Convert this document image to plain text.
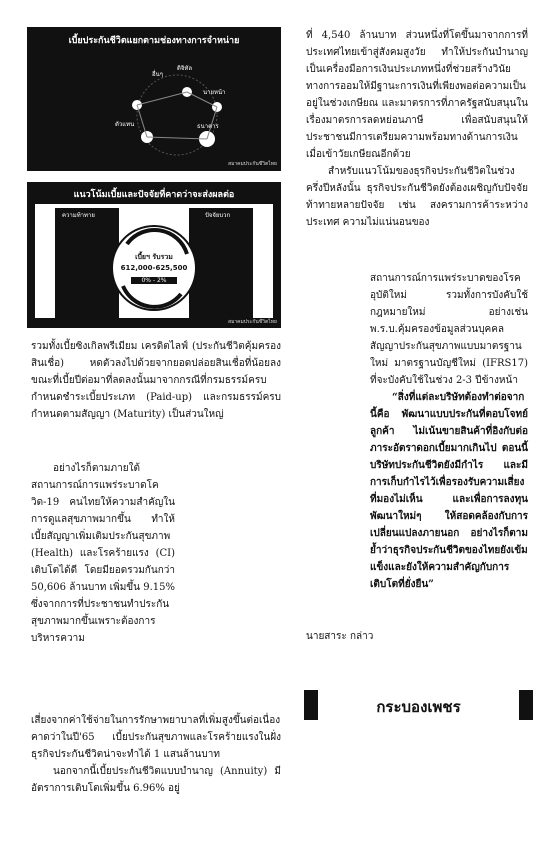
เบี้ยประกันชีวิตแยกตามช่องทางการจำหน่าย
ตัวแทน	ธนาคาร
ดิจิทัล
อื่นๆ
นายหน้า
สมาคมประกันชีวิตไทย
แนวโน้มเบี้ยและปัจจัยที่คาดว่าจะส่งผลต่อ
ความท้าทาย	ปัจจัยบวก
เบี้ยฯ รับรวม
612,000-625,500
0% - 2%
สมาคมประกันชีวิตไทย

รวมทั้งเบี้ยซิงเกิลพรีเมียม เครดิตไลฟ์ (ประกันชีวิตคุ้มครองสินเชื่อ) หดตัวลงไปด้วยจากยอดปล่อยสินเชื่อที่น้อยลง ขณะที่เบี้ยปีต่อมาที่ลดลงนั้นมาจากกรณีที่กรมธรรม์ครบกำหนดชำระเบี้ยประเภท (Paid-up) และกรมธรรม์ครบกำหนดตามสัญญา (Maturity) เป็นส่วนใหญ่

อย่างไรก็ตามภายใต้สถานการณ์การแพร่ระบาดโควิด-19 คนไทยให้ความสำคัญในการดูแลสุขภาพมากขึ้น ทำให้ เบี้ยสัญญาเพิ่มเติมประกันสุขภาพ (Health) และโรคร้ายแรง (CI) เติบโตได้ดี โดยมียอดรวมกันกว่า 50,606 ล้านบาท เพิ่มขึ้น 9.15% ซึ่งจากการที่ประชาชนทำประกันสุขภาพมากขึ้นเพราะต้องการบริหารความ

เสี่ยงจากค่าใช้จ่ายในการรักษาพยาบาลที่เพิ่มสูงขึ้นต่อเนื่อง คาดว่าในปี'65 เบี้ยประกันสุขภาพและโรคร้ายแรงในฝั่งธุรกิจประกันชีวิตน่าจะทำได้ 1 แสนล้านบาท

นอกจากนี้เบี้ยประกันชีวิตแบบบำนาญ (Annuity) มีอัตราการเติบโตเพิ่มขึ้น 6.96% อยู่

ที่ 4,540 ล้านบาท ส่วนหนึ่งที่โตขึ้นมาจากการที่ประเทศไทยเข้าสู่สังคมสูงวัย ทำให้ประกันบำนาญเป็นเครื่องมือการเงินประเภทหนึ่งที่ช่วยสร้างวินัยทางการออมให้มีฐานะการเงินที่เพียงพอต่อความเป็นอยู่ในช่วงเกษียณ และมาตรการที่ภาครัฐสนับสนุนในเรื่องมาตรการลดหย่อนภาษี เพื่อสนับสนุนให้ประชาชนมีการเตรียมความพร้อมทางด้านการเงินเมื่อเข้าวัยเกษียณอีกด้วย

สำหรับแนวโน้มของธุรกิจประกันชีวิตในช่วงครึ่งปีหลังนั้น ธุรกิจประกันชีวิตยังต้องเผชิญกับปัจจัยท้าทายหลายปัจจัย เช่น สงครามการค้าระหว่างประเทศ ความไม่แน่นอนของ

สถานการณ์การแพร่ระบาดของโรคอุบัติใหม่ รวมทั้งการบังคับใช้กฎหมายใหม่ อย่างเช่น พ.ร.บ.คุ้มครองข้อมูลส่วนบุคคล สัญญาประกันสุขภาพแบบมาตรฐานใหม่ มาตรฐานบัญชีใหม่ (IFRS17) ที่จะบังคับใช้ในช่วง 2-3 ปีข้างหน้า

“สิ่งที่แต่ละบริษัทต้องทำต่อจากนี้คือ พัฒนาแบบประกันที่ตอบโจทย์ลูกค้า ไม่เน้นขายสินค้าที่อิงกับต่อภาระอัตราดอกเบี้ยมากเกินไป ตอนนี้บริษัทประกันชีวิตยังมีกำไร และมีการเก็บกำไรไว้เพื่อรองรับความเสี่ยงที่มองไม่เห็น และเพื่อการลงทุนพัฒนาใหม่ๆ ให้สอดคล้องกับการเปลี่ยนแปลงภายนอก อย่างไรก็ตาม ย้ำว่าธุรกิจประกันชีวิตของไทยยังเข้มแข็งและยังให้ความสำคัญกับการเติบโตที่ยั่งยืน”

นายสาระ กล่าว

กระบองเพชร
